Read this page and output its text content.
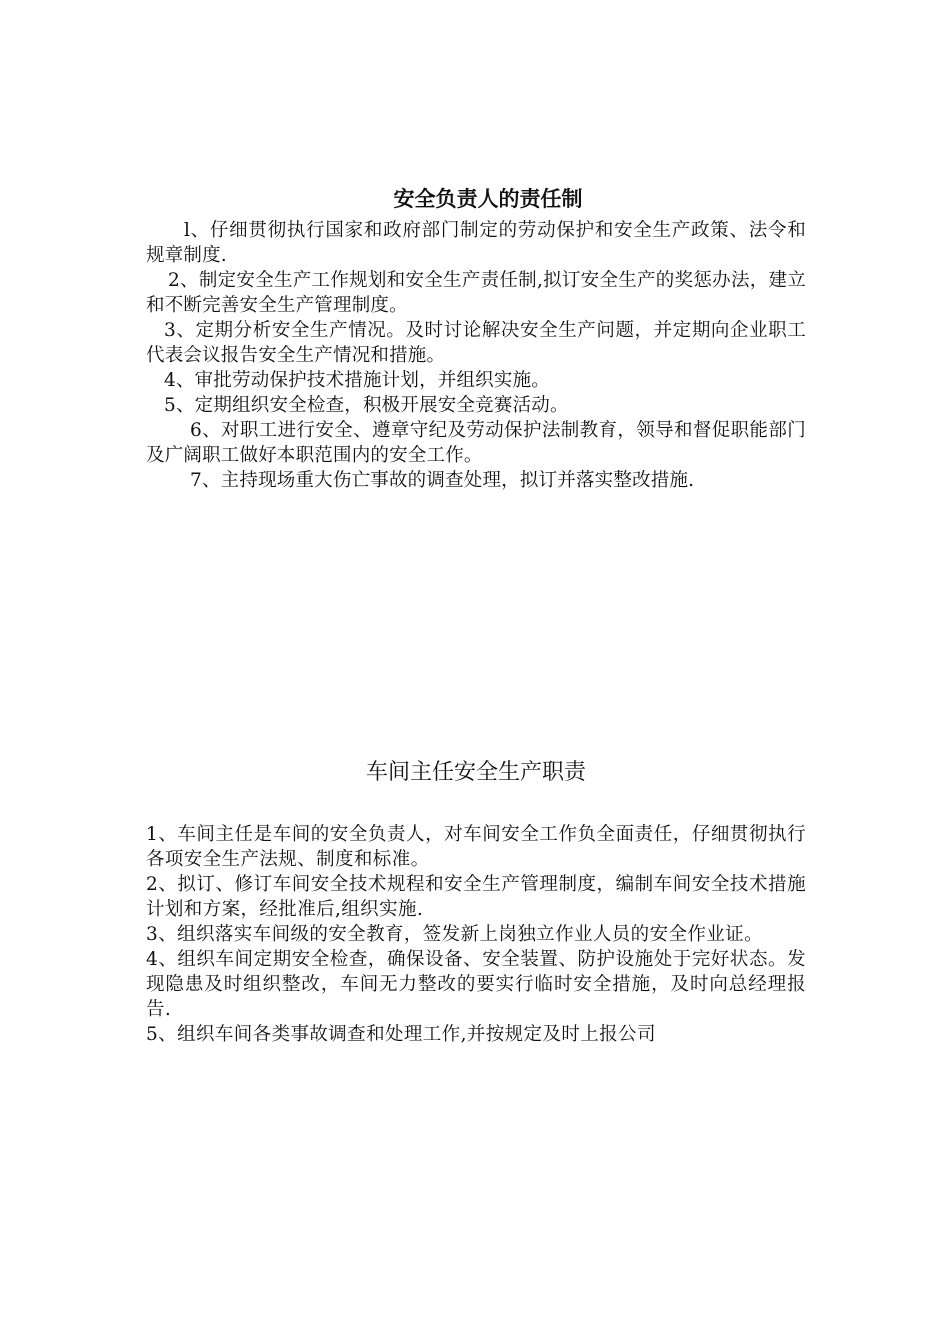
安全负责人的责任制

l、仔细贯彻执行国家和政府部门制定的劳动保护和安全生产政策、法令和规章制度.

2、制定安全生产工作规划和安全生产责任制,拟订安全生产的奖惩办法，建立和不断完善安全生产管理制度。

3、定期分析安全生产情况。及时讨论解决安全生产问题，并定期向企业职工代表会议报告安全生产情况和措施。

4、审批劳动保护技术措施计划，并组织实施。

5、定期组织安全检查，积极开展安全竞赛活动。

6、对职工进行安全、遵章守纪及劳动保护法制教育，领导和督促职能部门及广阔职工做好本职范围内的安全工作。

7、主持现场重大伤亡事故的调查处理，拟订并落实整改措施.

车间主任安全生产职责

1、车间主任是车间的安全负责人，对车间安全工作负全面责任，仔细贯彻执行各项安全生产法规、制度和标准。

2、拟订、修订车间安全技术规程和安全生产管理制度，编制车间安全技术措施计划和方案，经批准后,组织实施.

3、组织落实车间级的安全教育，签发新上岗独立作业人员的安全作业证。

4、组织车间定期安全检查，确保设备、安全装置、防护设施处于完好状态。发现隐患及时组织整改，车间无力整改的要实行临时安全措施，及时向总经理报告.

5、组织车间各类事故调查和处理工作,并按规定及时上报公司
